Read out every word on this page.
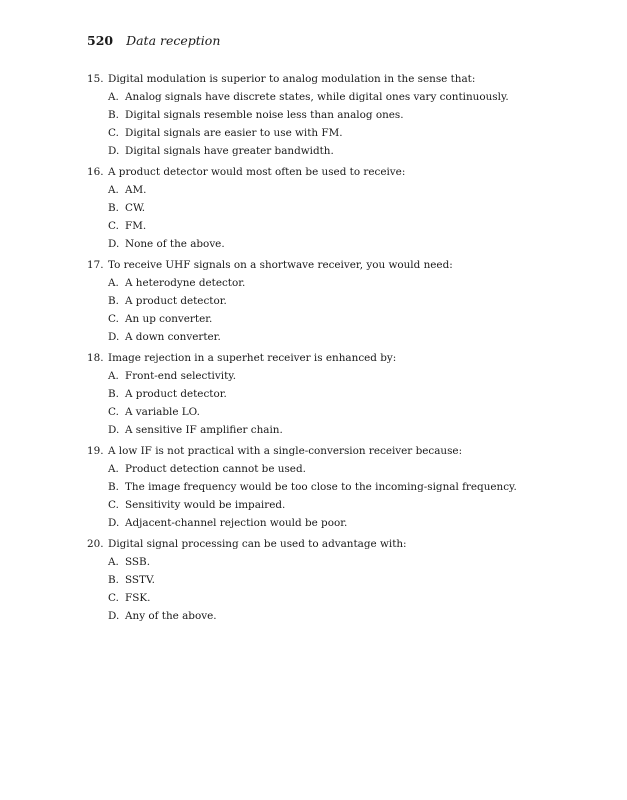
520 Data reception
15. Digital modulation is superior to analog modulation in the sense that:
A. Analog signals have discrete states, while digital ones vary continuously.
B. Digital signals resemble noise less than analog ones.
C. Digital signals are easier to use with FM.
D. Digital signals have greater bandwidth.
16. A product detector would most often be used to receive:
A. AM.
B. CW.
C. FM.
D. None of the above.
17. To receive UHF signals on a shortwave receiver, you would need:
A. A heterodyne detector.
B. A product detector.
C. An up converter.
D. A down converter.
18. Image rejection in a superhet receiver is enhanced by:
A. Front-end selectivity.
B. A product detector.
C. A variable LO.
D. A sensitive IF amplifier chain.
19. A low IF is not practical with a single-conversion receiver because:
A. Product detection cannot be used.
B. The image frequency would be too close to the incoming-signal frequency.
C. Sensitivity would be impaired.
D. Adjacent-channel rejection would be poor.
20. Digital signal processing can be used to advantage with:
A. SSB.
B. SSTV.
C. FSK.
D. Any of the above.
